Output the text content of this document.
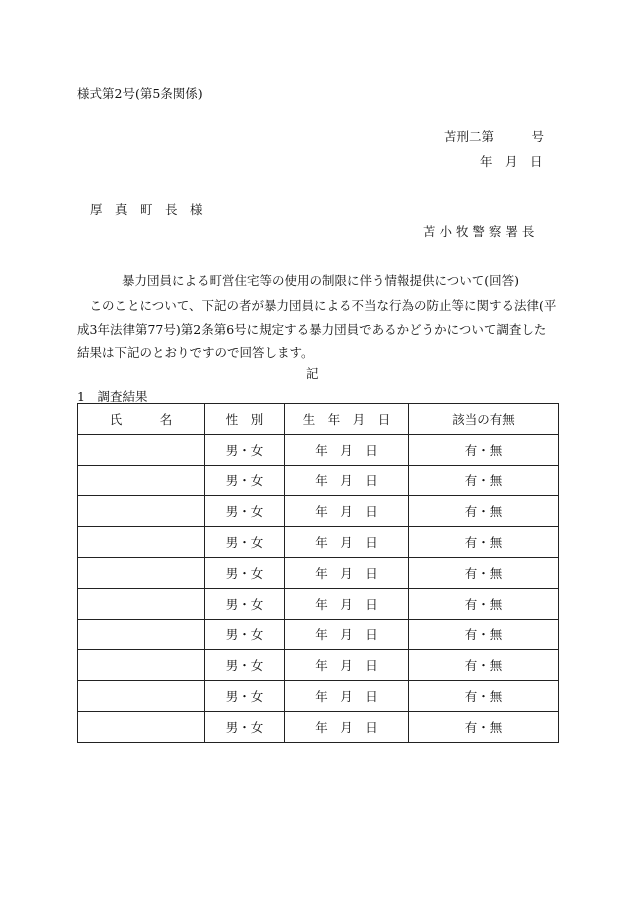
様式第2号(第5条関係)
苫刑二第　　　号
年　月　日
厚　真　町　長　様
苫 小 牧 警 察 署 長
暴力団員による町営住宅等の使用の制限に伴う情報提供について(回答)
　このことについて、下記の者が暴力団員による不当な行為の防止等に関する法律(平成3年法律第77号)第2条第6号に規定する暴力団員であるかどうかについて調査した結果は下記のとおりですので回答します。
記
1　調査結果
氏　　　名	性　別	生　年　月　日	該当の有無
	男・女	年　月　日	有・無
	男・女	年　月　日	有・無
	男・女	年　月　日	有・無
	男・女	年　月　日	有・無
	男・女	年　月　日	有・無
	男・女	年　月　日	有・無
	男・女	年　月　日	有・無
	男・女	年　月　日	有・無
	男・女	年　月　日	有・無
	男・女	年　月　日	有・無
